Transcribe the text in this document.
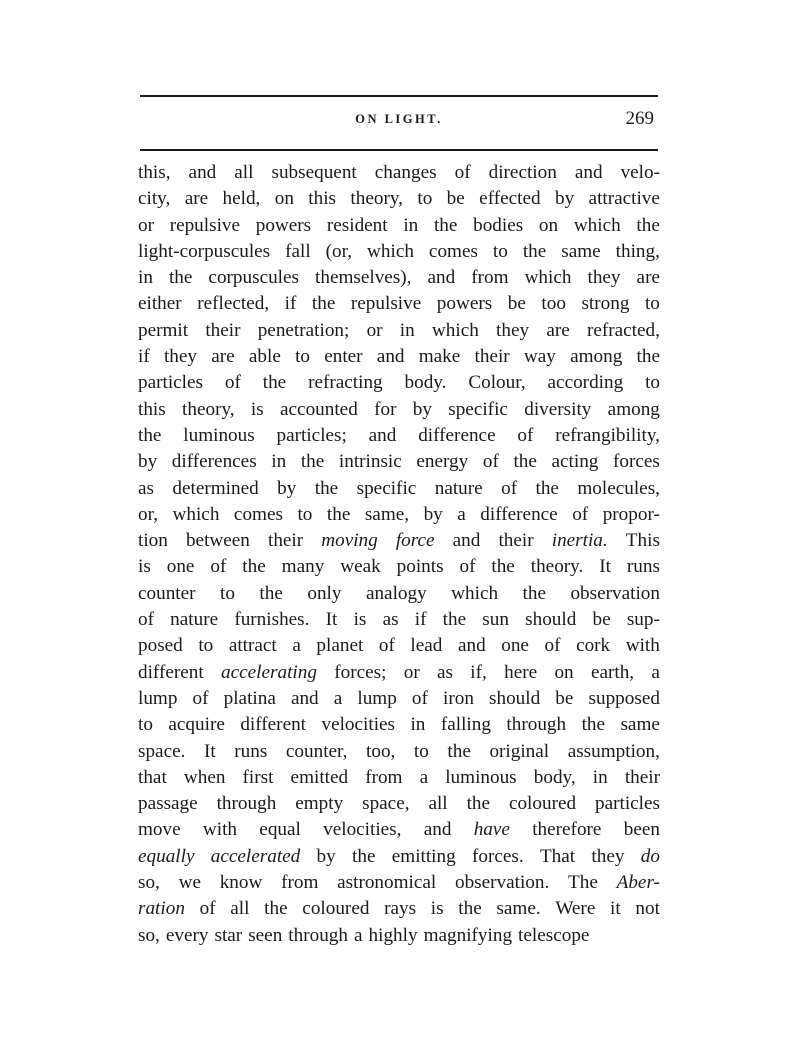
ON LIGHT.	269
this, and all subsequent changes of direction and velo-
city, are held, on this theory, to be effected by attractive
or repulsive powers resident in the bodies on which the
light-corpuscules fall (or, which comes to the same thing,
in the corpuscules themselves), and from which they are
either reflected, if the repulsive powers be too strong to
permit their penetration; or in which they are refracted,
if they are able to enter and make their way among the
particles of the refracting body. Colour, according to
this theory, is accounted for by specific diversity among
the luminous particles; and difference of refrangibility,
by differences in the intrinsic energy of the acting forces
as determined by the specific nature of the molecules,
or, which comes to the same, by a difference of propor-
tion between their moving force and their inertia. This
is one of the many weak points of the theory. It runs
counter to the only analogy which the observation
of nature furnishes. It is as if the sun should be sup-
posed to attract a planet of lead and one of cork with
different accelerating forces; or as if, here on earth, a
lump of platina and a lump of iron should be supposed
to acquire different velocities in falling through the same
space. It runs counter, too, to the original assumption,
that when first emitted from a luminous body, in their
passage through empty space, all the coloured particles
move with equal velocities, and have therefore been
equally accelerated by the emitting forces. That they do
so, we know from astronomical observation. The Aber-
ration of all the coloured rays is the same. Were it not
so, every star seen through a highly magnifying telescope
